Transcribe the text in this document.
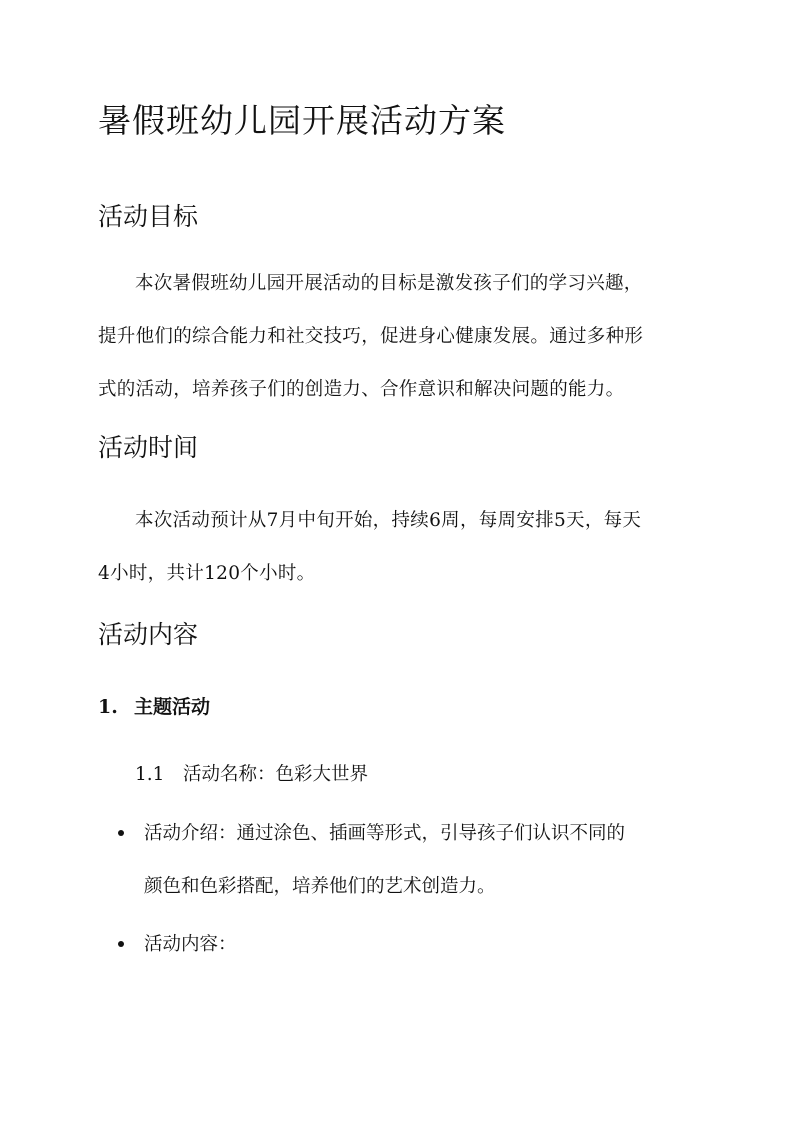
暑假班幼儿园开展活动方案
活动目标
本次暑假班幼儿园开展活动的目标是激发孩子们的学习兴趣，
提升他们的综合能力和社交技巧，促进身心健康发展。通过多种形
式的活动，培养孩子们的创造力、合作意识和解决问题的能力。
活动时间
本次活动预计从7月中旬开始，持续6周，每周安排5天，每天
4小时，共计120个小时。
活动内容
1. 主题活动
1.1 活动名称：色彩大世界
活动介绍：通过涂色、插画等形式，引导孩子们认识不同的
颜色和色彩搭配，培养他们的艺术创造力。
活动内容：
